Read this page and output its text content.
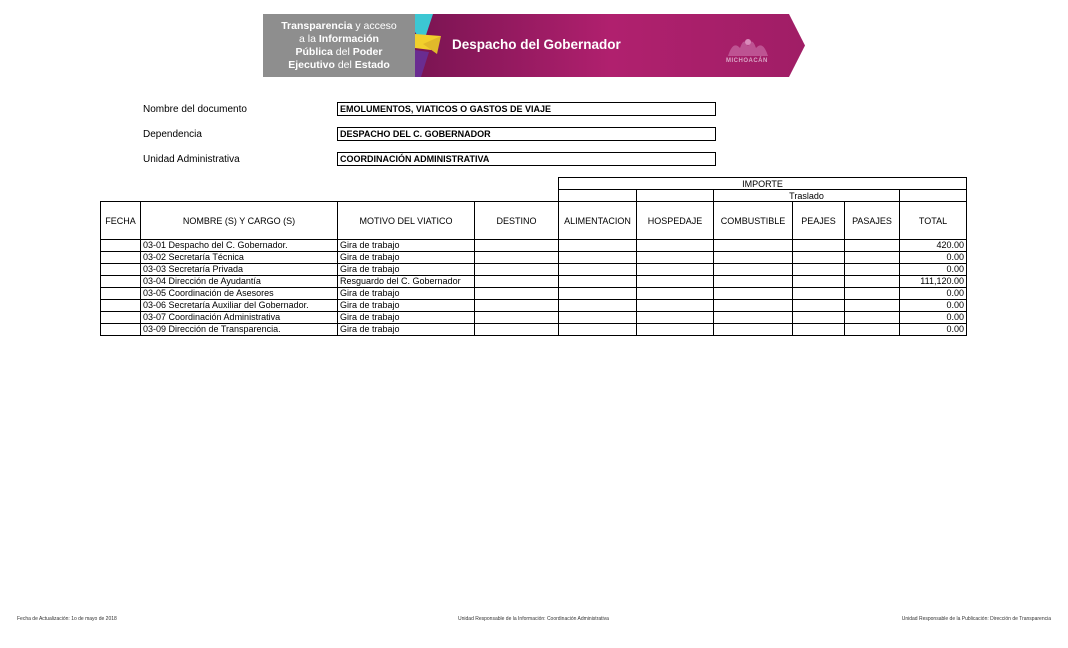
Transparencia y acceso
a la Información
Pública del Poder
Ejecutivo del Estado
Despacho del Gobernador
MICHOACÁN
Nombre del documento	EMOLUMENTOS, VIATICOS O GASTOS DE VIAJE
Dependencia	DESPACHO DEL C. GOBERNADOR
Unidad Administrativa	COORDINACIÓN ADMINISTRATIVA
				IMPORTE					
						Traslado			
FECHA	NOMBRE (S) Y CARGO (S)	MOTIVO DEL VIATICO	DESTINO	ALIMENTACION	HOSPEDAJE	COMBUSTIBLE	PEAJES	PASAJES	TOTAL
	03-01 Despacho del C. Gobernador.	Gira de trabajo							420.00
	03-02 Secretaría Técnica	Gira de trabajo							0.00
	03-03 Secretaría Privada	Gira de trabajo							0.00
	03-04 Dirección de Ayudantía	Resguardo del C. Gobernador							111,120.00
	03-05 Coordinación de Asesores	Gira de trabajo							0.00
	03-06 Secretaría Auxiliar del Gobernador.	Gira de trabajo							0.00
	03-07 Coordinación Administrativa	Gira de trabajo							0.00
	03-09 Dirección de Transparencia.	Gira de trabajo							0.00
Fecha de Actualización: 1o de mayo de 2018	Unidad Responsable de la Información: Coordinación Administrativa	Unidad Responsable de la Publicación: Dirección de Transparencia
